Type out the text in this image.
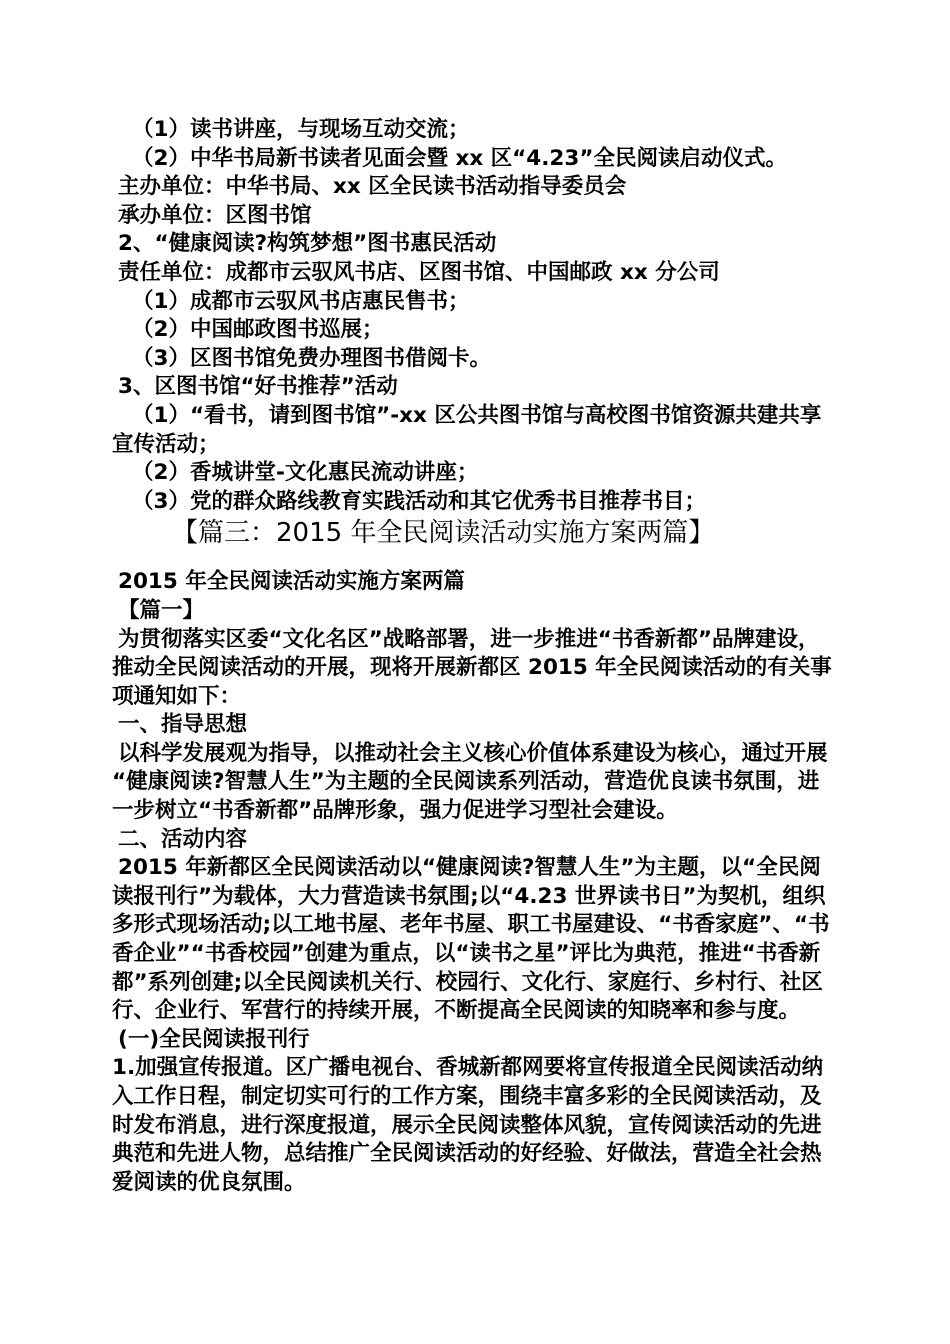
（1）读书讲座，与现场互动交流；
（2）中华书局新书读者见面会暨 xx 区“4.23”全民阅读启动仪式。
主办单位：中华书局、xx 区全民读书活动指导委员会
承办单位：区图书馆
2、“健康阅读?构筑梦想”图书惠民活动
责任单位：成都市云驭风书店、区图书馆、中国邮政 xx 分公司
（1）成都市云驭风书店惠民售书；
（2）中国邮政图书巡展；
（3）区图书馆免费办理图书借阅卡。
3、区图书馆“好书推荐”活动
（1）“看书，请到图书馆”-xx 区公共图书馆与高校图书馆资源共建共享宣传活动；
（2）香城讲堂-文化惠民流动讲座；
（3）党的群众路线教育实践活动和其它优秀书目推荐书目；
【篇三：2015 年全民阅读活动实施方案两篇】
2015 年全民阅读活动实施方案两篇
【篇一】
为贯彻落实区委“文化名区”战略部署，进一步推进“书香新都”品牌建设，推动全民阅读活动的开展，现将开展新都区 2015 年全民阅读活动的有关事项通知如下：
一、指导思想
以科学发展观为指导，以推动社会主义核心价值体系建设为核心，通过开展 “健康阅读?智慧人生”为主题的全民阅读系列活动，营造优良读书氛围，进一步树立“书香新都”品牌形象，强力促进学习型社会建设。
二、活动内容
2015 年新都区全民阅读活动以“健康阅读?智慧人生”为主题，以“全民阅读报刊行”为载体，大力营造读书氛围;以“4.23 世界读书日”为契机，组织多形式现场活动;以工地书屋、老年书屋、职工书屋建设、“书香家庭”、“书香企业”“书香校园”创建为重点，以“读书之星”评比为典范，推进“书香新都”系列创建;以全民阅读机关行、校园行、文化行、家庭行、乡村行、社区行、企业行、军营行的持续开展，不断提高全民阅读的知晓率和参与度。
(一)全民阅读报刊行
1.加强宣传报道。区广播电视台、香城新都网要将宣传报道全民阅读活动纳入工作日程，制定切实可行的工作方案，围绕丰富多彩的全民阅读活动，及时发布消息，进行深度报道，展示全民阅读整体风貌，宣传阅读活动的先进典范和先进人物，总结推广全民阅读活动的好经验、好做法，营造全社会热爱阅读的优良氛围。
